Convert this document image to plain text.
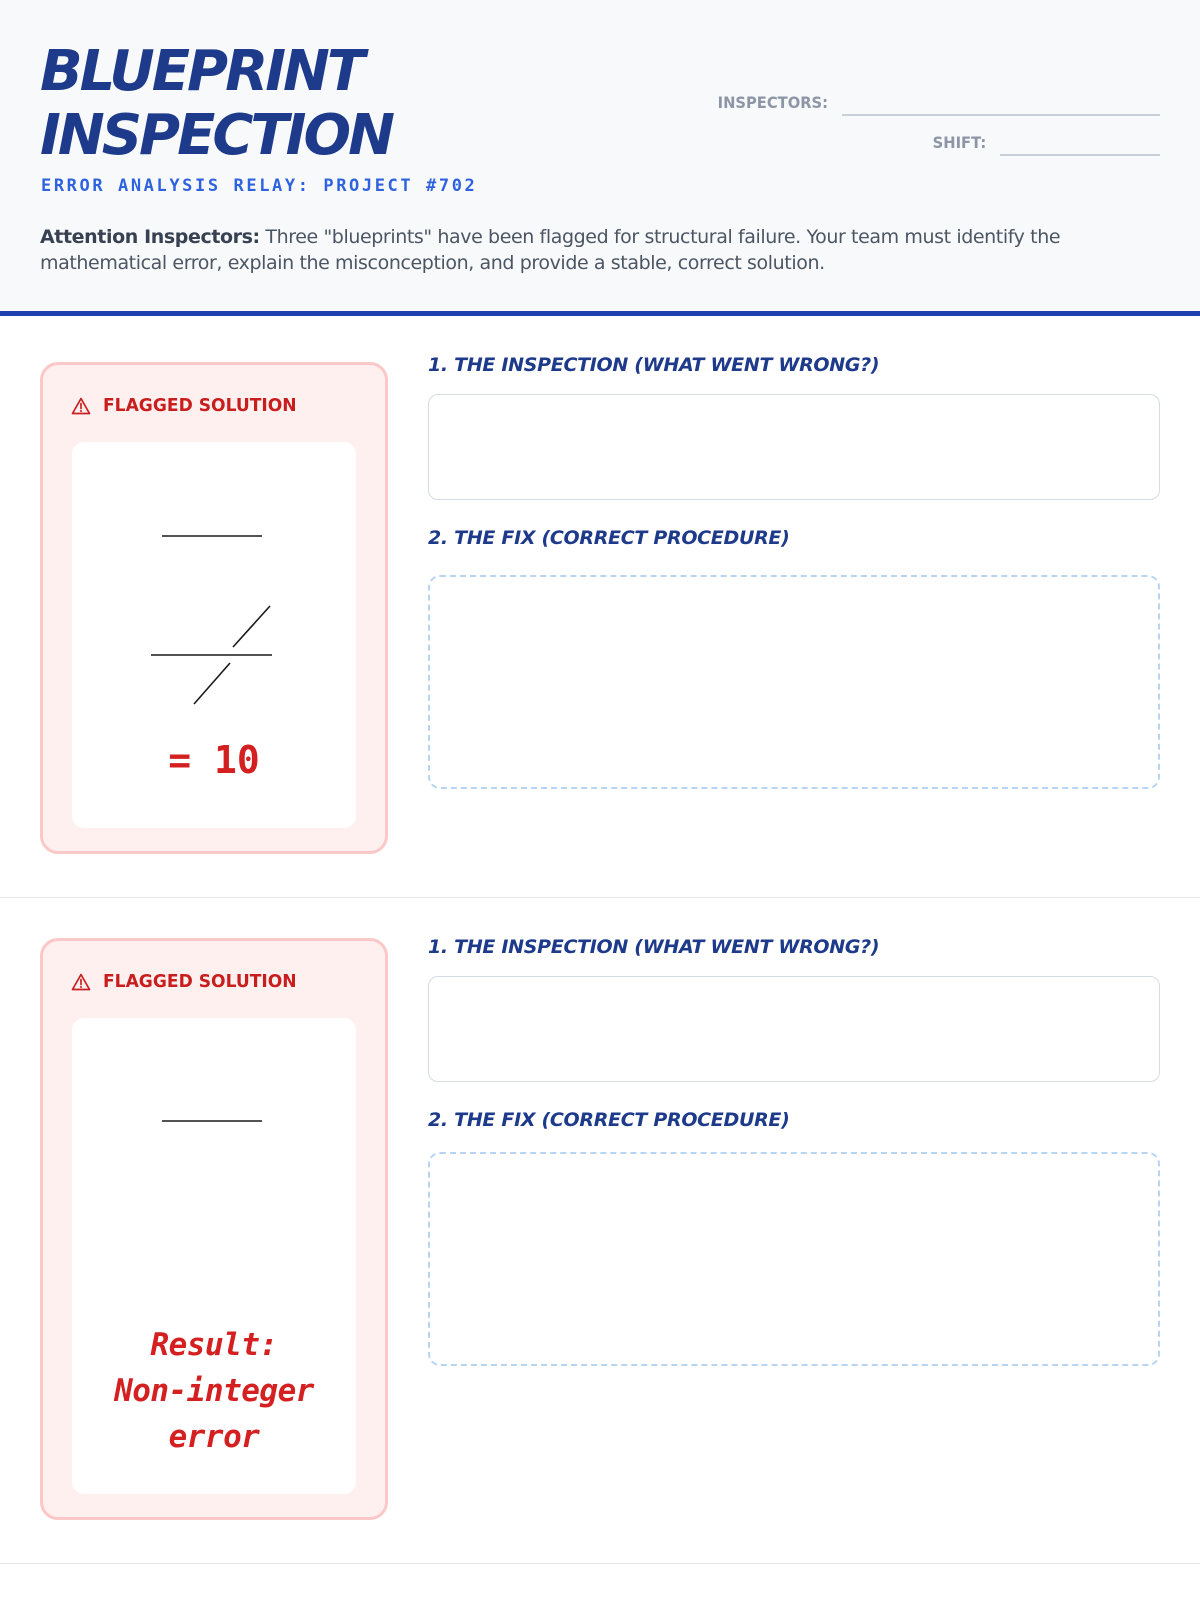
BLUEPRINT
INSPECTION
ERROR ANALYSIS RELAY: PROJECT #702
INSPECTORS:
SHIFT:

Attention Inspectors: Three "blueprints" have been flagged for structural failure. Your team must identify the mathematical error, explain the misconception, and provide a stable, correct solution.

FLAGGED SOLUTION
= 10
1. THE INSPECTION (WHAT WENT WRONG?)
2. THE FIX (CORRECT PROCEDURE)
FLAGGED SOLUTION
Result:
Non-integer
error
1. THE INSPECTION (WHAT WENT WRONG?)
2. THE FIX (CORRECT PROCEDURE)
